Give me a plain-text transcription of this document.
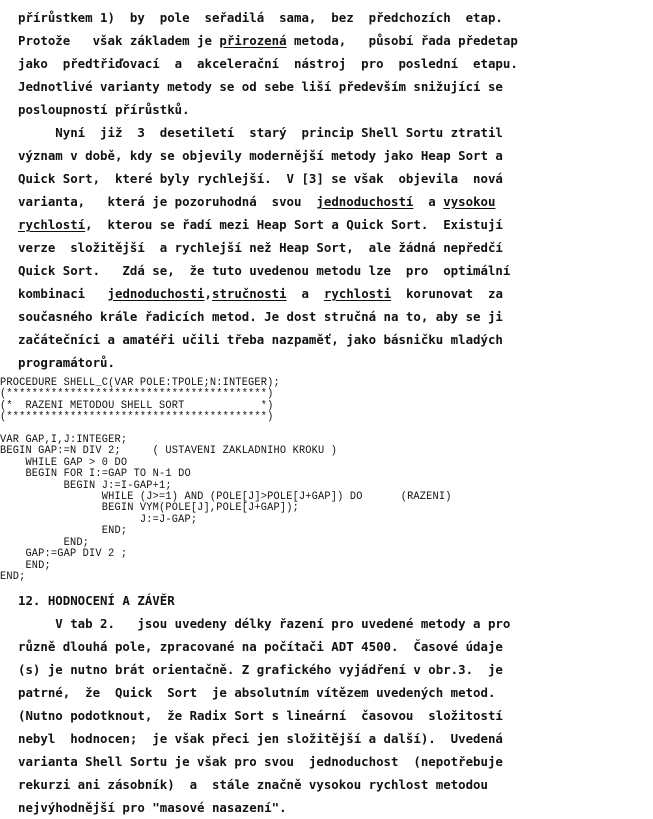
přírůstkem 1)  by  pole  seřadilá  sama,  bez  předchozích  etap.
Protože   však základem je přirozená metoda,   působí řada předetap
jako  předtřiďovací  a  akcelerační  nástroj  pro  poslední  etapu.
Jednotlivé varianty metody se od sebe liší především snižující se
posloupností přírůstků.
Nyní  již  3  desetiletí  starý  princip Shell Sortu ztratil
význam v době, kdy se objevily modernější metody jako Heap Sort a
Quick Sort,  které byly rychlejší.  V [3] se však  objevila  nová
varianta,   která je pozoruhodná  svou  jednoduchostí  a vysokou
rychlostí,  kterou se řadí mezi Heap Sort a Quick Sort.  Existují
verze  složitější  a rychlejší než Heap Sort,  ale žádná nepředčí
Quick Sort.   Zdá se,  že tuto uvedenou metodu lze  pro  optimální
kombinaci   jednoduchosti,stručnosti  a  rychlosti  korunovat  za
současného krále řadicích metod. Je dost stručná na to, aby se ji
začátečníci a amatéři učili třeba nazpaměť, jako básničku mladých
programátorů.
PROCEDURE SHELL_C(VAR POLE:TPOLE;N:INTEGER);
(*****************************************)
(*  RAZENI METODOU SHELL SORT            *)
(*****************************************)

VAR GAP,I,J:INTEGER;
BEGIN GAP:=N DIV 2;     ( USTAVENI ZAKLADNIHO KROKU )
WHILE GAP > 0 DO
BEGIN FOR I:=GAP TO N-1 DO
BEGIN J:=I-GAP+1;
WHILE (J>=1) AND (POLE[J]>POLE[J+GAP]) DO      (RAZENI)
BEGIN VYM(POLE[J],POLE[J+GAP]);
J:=J-GAP;
END;
END;
GAP:=GAP DIV 2 ;
END;
END;
12. HODNOCENÍ A ZÁVĚR
V tab 2.   jsou uvedeny délky řazení pro uvedené metody a pro
různě dlouhá pole, zpracované na počítači ADT 4500.  Časové údaje
(s) je nutno brát orientačně. Z grafického vyjádření v obr.3.  je
patrné,  že  Quick  Sort  je absolutním vítězem uvedených metod.
(Nutno podotknout,  že Radix Sort s lineární  časovou  složitostí
nebyl  hodnocen;  je však přeci jen složitější a další).  Uvedená
varianta Shell Sortu je však pro svou  jednoduchost  (nepotřebuje
rekurzi ani zásobník)  a  stále značně vysokou rychlost metodou
nejvýhodnější pro "masové nasazení".
